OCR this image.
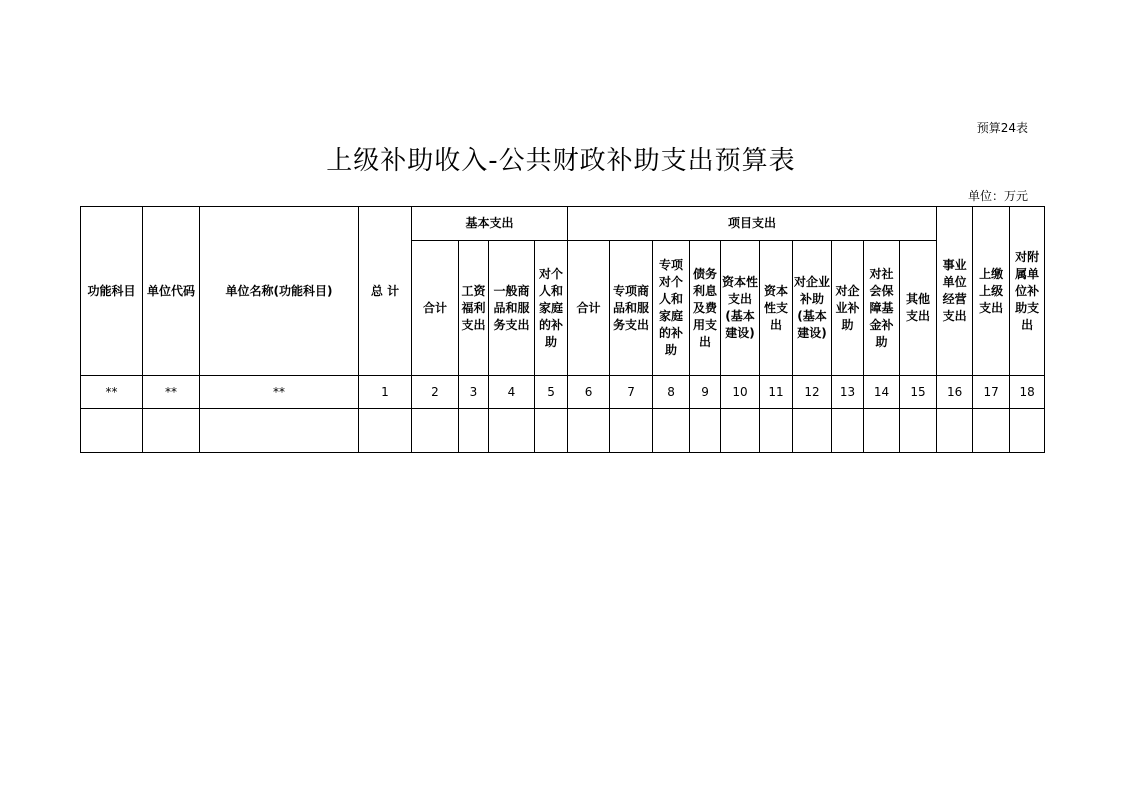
预算24表
上级补助收入-公共财政补助支出预算表
单位：万元
功能科目	单位代码	单位名称(功能科目)	总 计	基本支出				项目支出										事业单位经营支出	上缴上级支出	对附属单位补助支出
				合计	工资福利支出	一般商品和服务支出	对个人和家庭的补助	合计	专项商品和服务支出	专项对个人和家庭的补助	债务利息及费用支出	资本性支出(基本建设)	资本性支出	对企业补助(基本建设)	对企业补助	对社会保障基金补助	其他支出			
**	**	**	1	2	3	4	5	6	7	8	9	10	11	12	13	14	15	16	17	18
